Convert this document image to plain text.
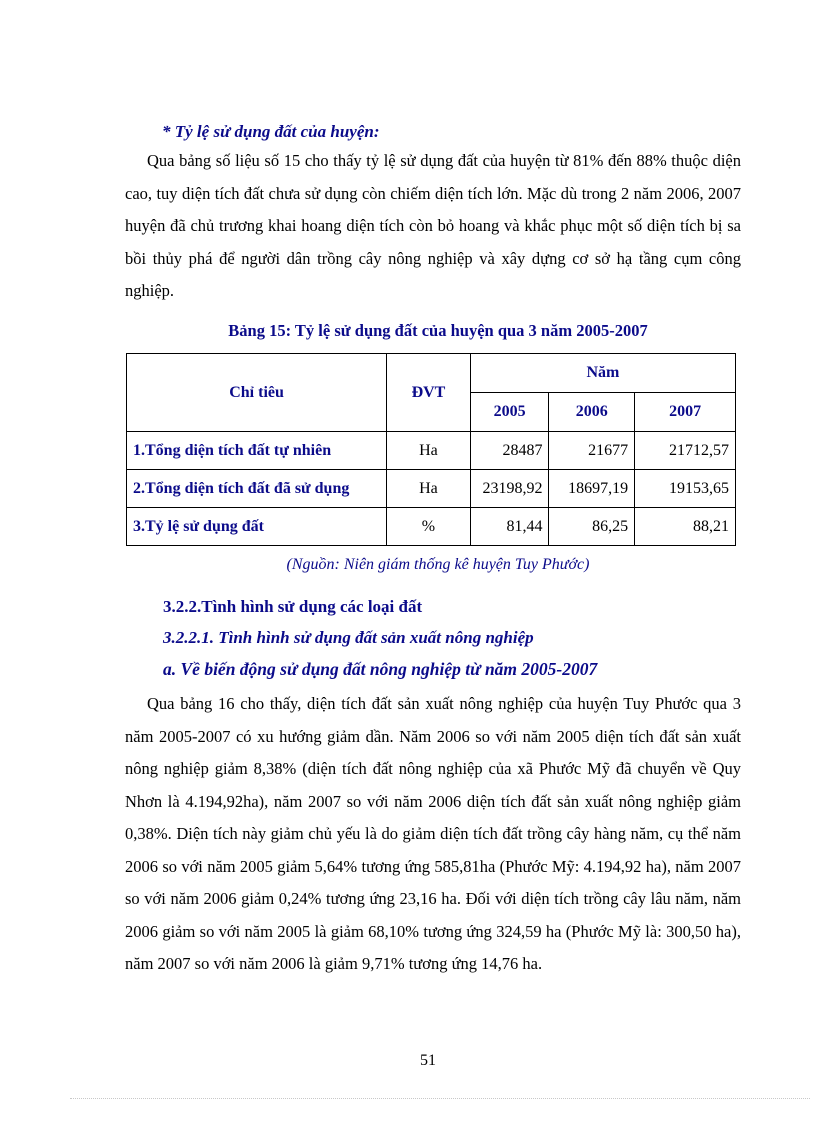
* Tỷ lệ sử dụng đất của huyện:

Qua bảng số liệu số 15 cho thấy tỷ lệ sử dụng đất của huyện từ 81% đến 88% thuộc diện cao, tuy diện tích đất chưa sử dụng còn chiếm diện tích lớn. Mặc dù trong 2 năm 2006, 2007 huyện đã chủ trương khai hoang diện tích còn bỏ hoang và khắc phục một số diện tích bị sa bồi thủy phá để người dân trồng cây nông nghiệp và xây dựng cơ sở hạ tầng cụm công nghiệp.

Bảng 15: Tỷ lệ sử dụng đất của huyện qua 3 năm 2005-2007
Chỉ tiêu	ĐVT	Năm		
		2005	2006	2007
1.Tổng diện tích đất tự nhiên	Ha	28487	21677	21712,57
2.Tổng diện tích đất đã sử dụng	Ha	23198,92	18697,19	19153,65
3.Tỷ lệ sử dụng đất	%	81,44	86,25	88,21
(Nguồn: Niên giám thống kê huyện Tuy Phước)
3.2.2.Tình hình sử dụng các loại đất
3.2.2.1. Tình hình sử dụng đất sản xuất nông nghiệp
a. Về biến động sử dụng đất nông nghiệp từ năm 2005-2007

Qua bảng 16 cho thấy, diện tích đất sản xuất nông nghiệp của huyện Tuy Phước qua 3 năm 2005-2007 có xu hướng giảm dần. Năm 2006 so với năm 2005 diện tích đất sản xuất nông nghiệp giảm 8,38% (diện tích đất nông nghiệp của xã Phước Mỹ đã chuyển về Quy Nhơn là 4.194,92ha), năm 2007 so với năm 2006 diện tích đất sản xuất nông nghiệp giảm 0,38%. Diện tích này giảm chủ yếu là do giảm diện tích đất trồng cây hàng năm, cụ thể năm 2006 so với năm 2005 giảm 5,64% tương ứng 585,81ha (Phước Mỹ: 4.194,92 ha), năm 2007 so với năm 2006 giảm 0,24% tương ứng 23,16 ha. Đối với diện tích trồng cây lâu năm, năm 2006 giảm so với năm 2005 là giảm 68,10% tương ứng 324,59 ha (Phước Mỹ là: 300,50 ha), năm 2007 so với năm 2006 là giảm 9,71% tương ứng 14,76 ha.

51
